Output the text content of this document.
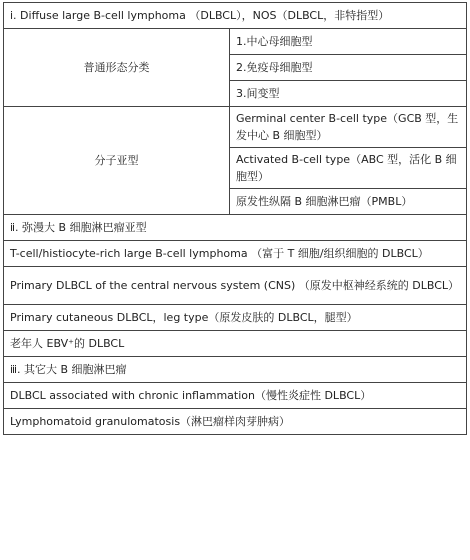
ⅰ. Diffuse large B-cell lymphoma （DLBCL），NOS（DLBCL，非特指型）	
普通形态分类	1.中心母细胞型
	2.免疫母细胞型
	3.间变型
分子亚型	Germinal center B-cell type（GCB 型，生发中心 B 细胞型）
	Activated B-cell type（ABC 型，活化 B 细胞型）
	原发性纵隔 B 细胞淋巴瘤（PMBL）
ⅱ. 弥漫大 B 细胞淋巴瘤亚型	
T-cell/histiocyte-rich large B-cell lymphoma （富于 T 细胞/组织细胞的 DLBCL）	
Primary DLBCL of the central nervous system (CNS) （原发中枢神经系统的 DLBCL）	
Primary cutaneous DLBCL，leg type（原发皮肤的 DLBCL，腿型）	
老年人 EBV⁺的 DLBCL	
ⅲ. 其它大 B 细胞淋巴瘤	
DLBCL associated with chronic inflammation（慢性炎症性 DLBCL）	
Lymphomatoid granulomatosis（淋巴瘤样肉芽肿病）	
